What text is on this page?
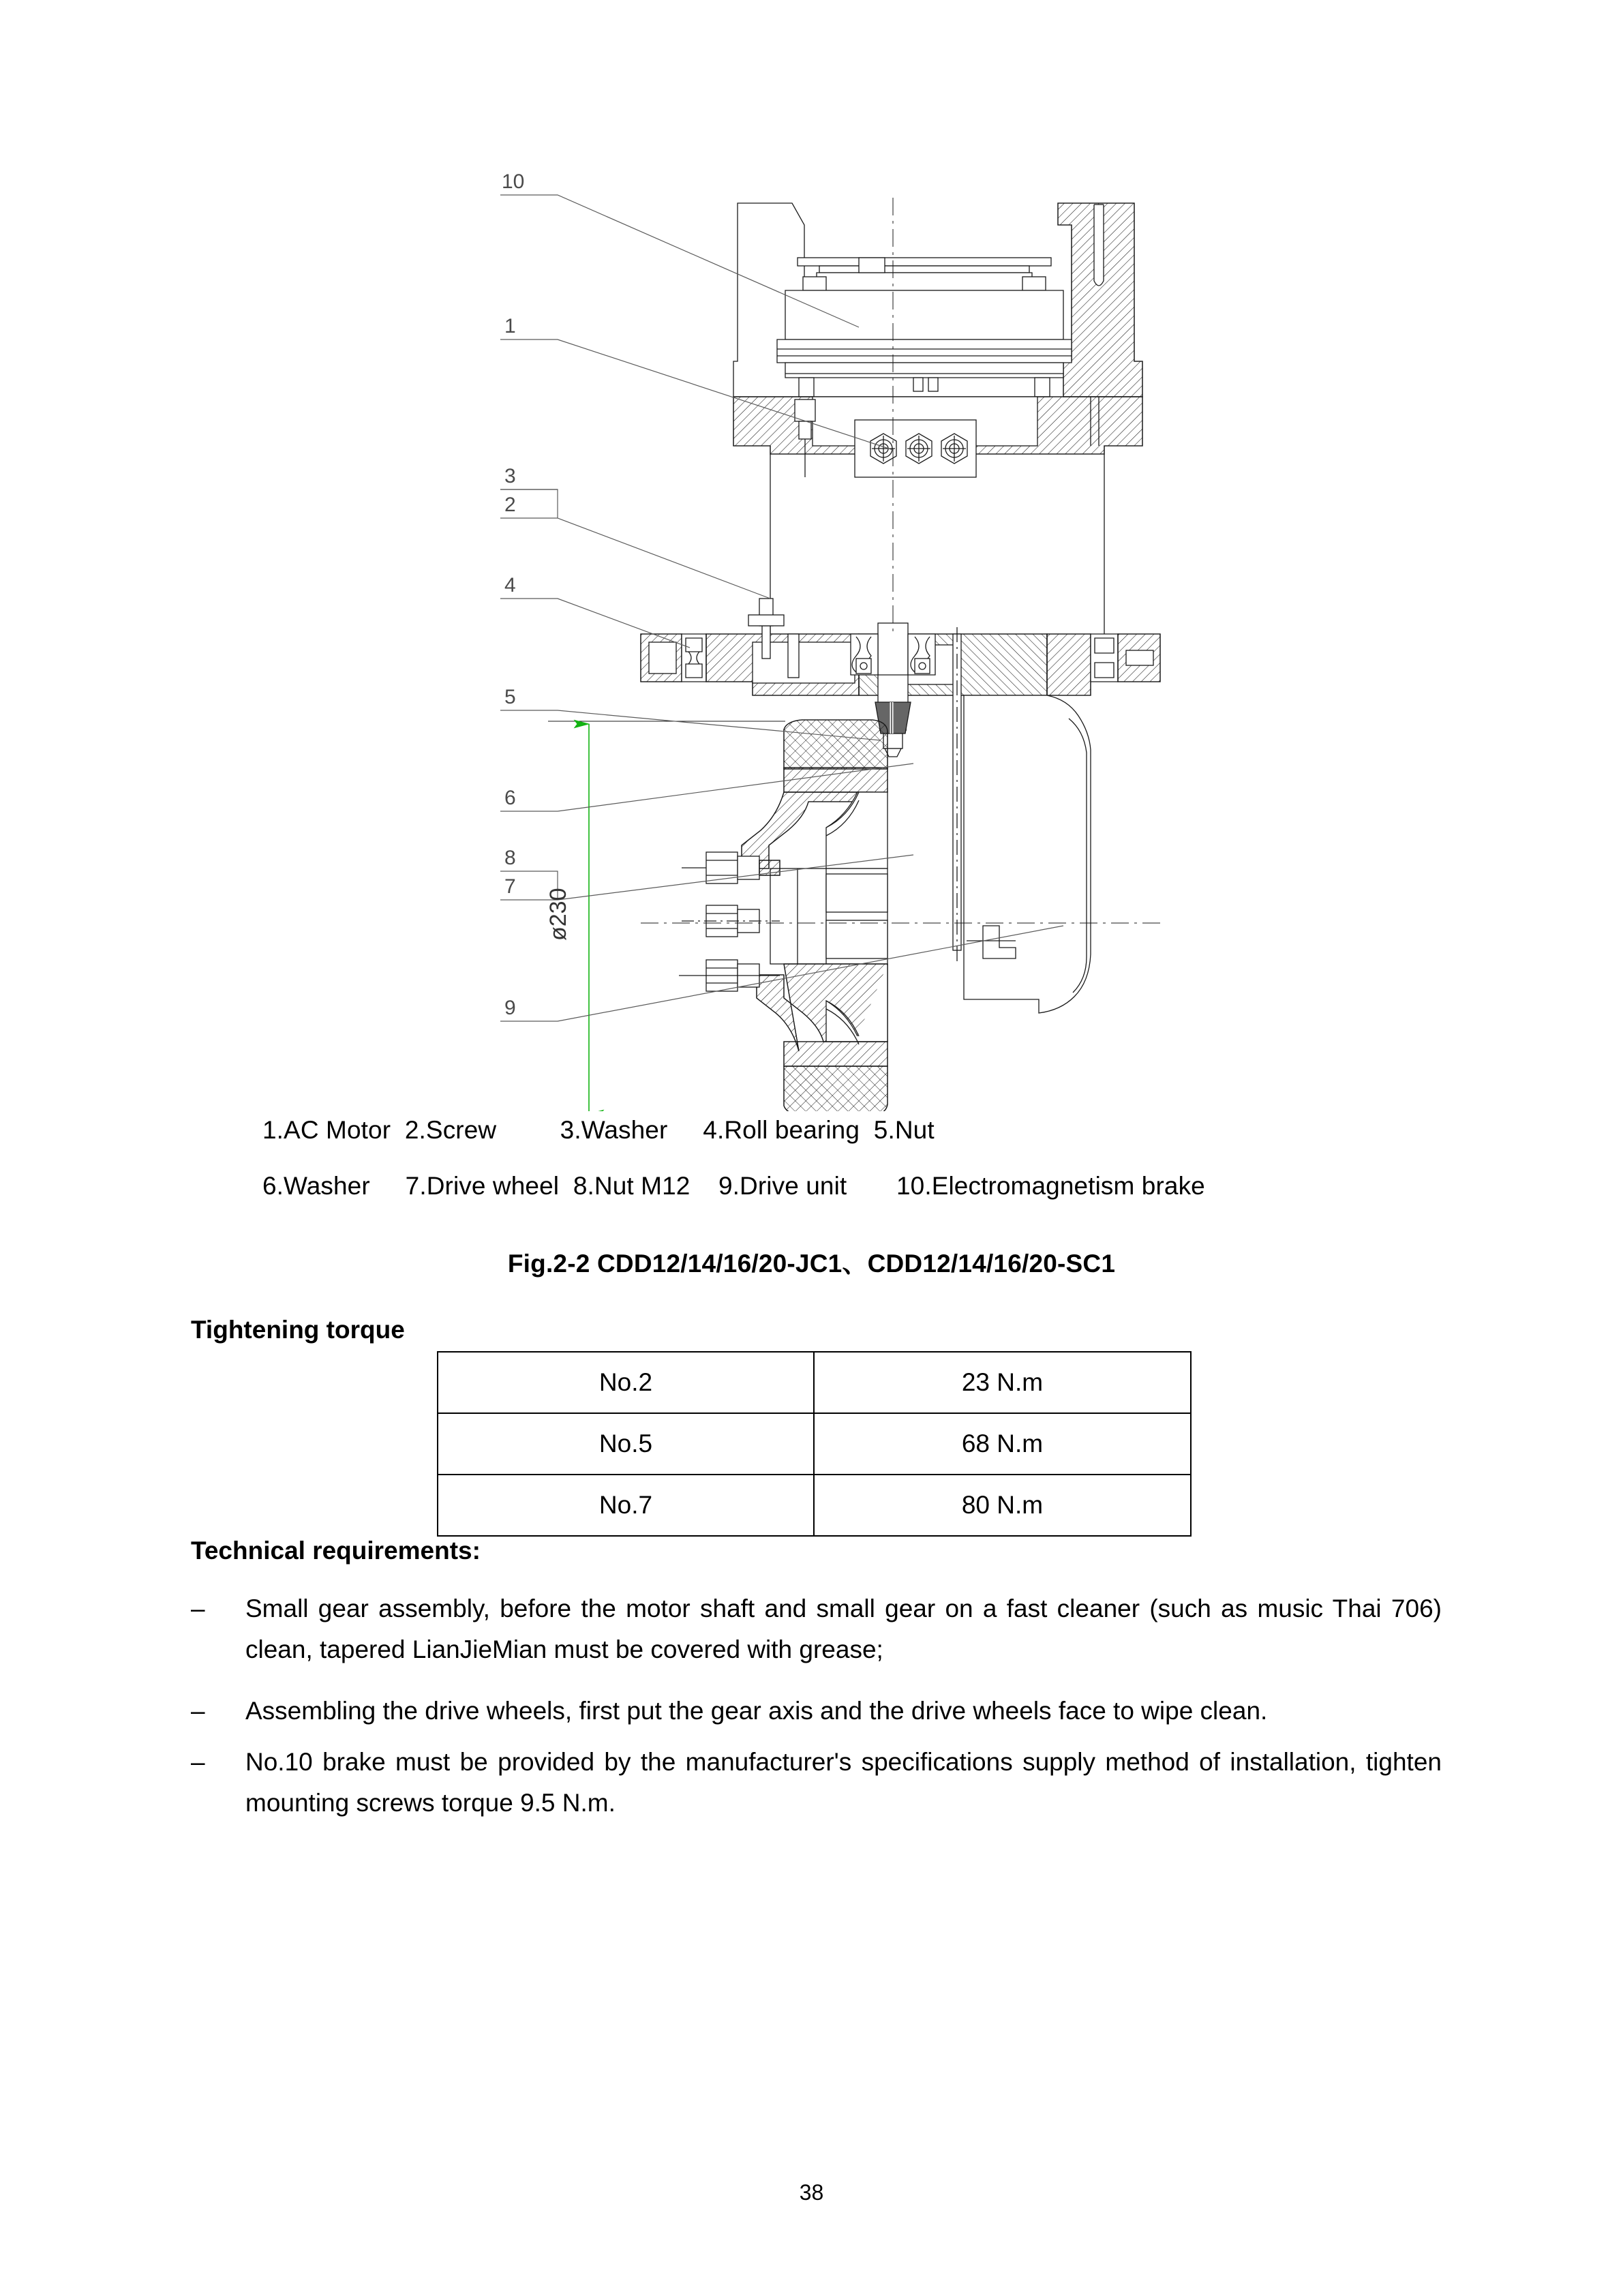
10
1
3
2
4
5
6
8
7
9
ø230
1.AC Motor  2.Screw         3.Washer     4.Roll bearing  5.Nut
6.Washer     7.Drive wheel  8.Nut M12    9.Drive unit       10.Electromagnetism brake
Fig.2-2 CDD12/14/16/20-JC1、CDD12/14/16/20-SC1
Tightening torque
No.2	23 N.m
No.5	68 N.m
No.7	80 N.m
Technical requirements:
–	Small gear assembly, before the motor shaft and small gear on a fast cleaner (such as music Thai 706) clean, tapered LianJieMian must be covered with grease;
–	Assembling the drive wheels, first put the gear axis and the drive wheels face to wipe clean.
–	No.10 brake must be provided by the manufacturer's specifications supply method of installation, tighten mounting screws torque 9.5 N.m.
38
